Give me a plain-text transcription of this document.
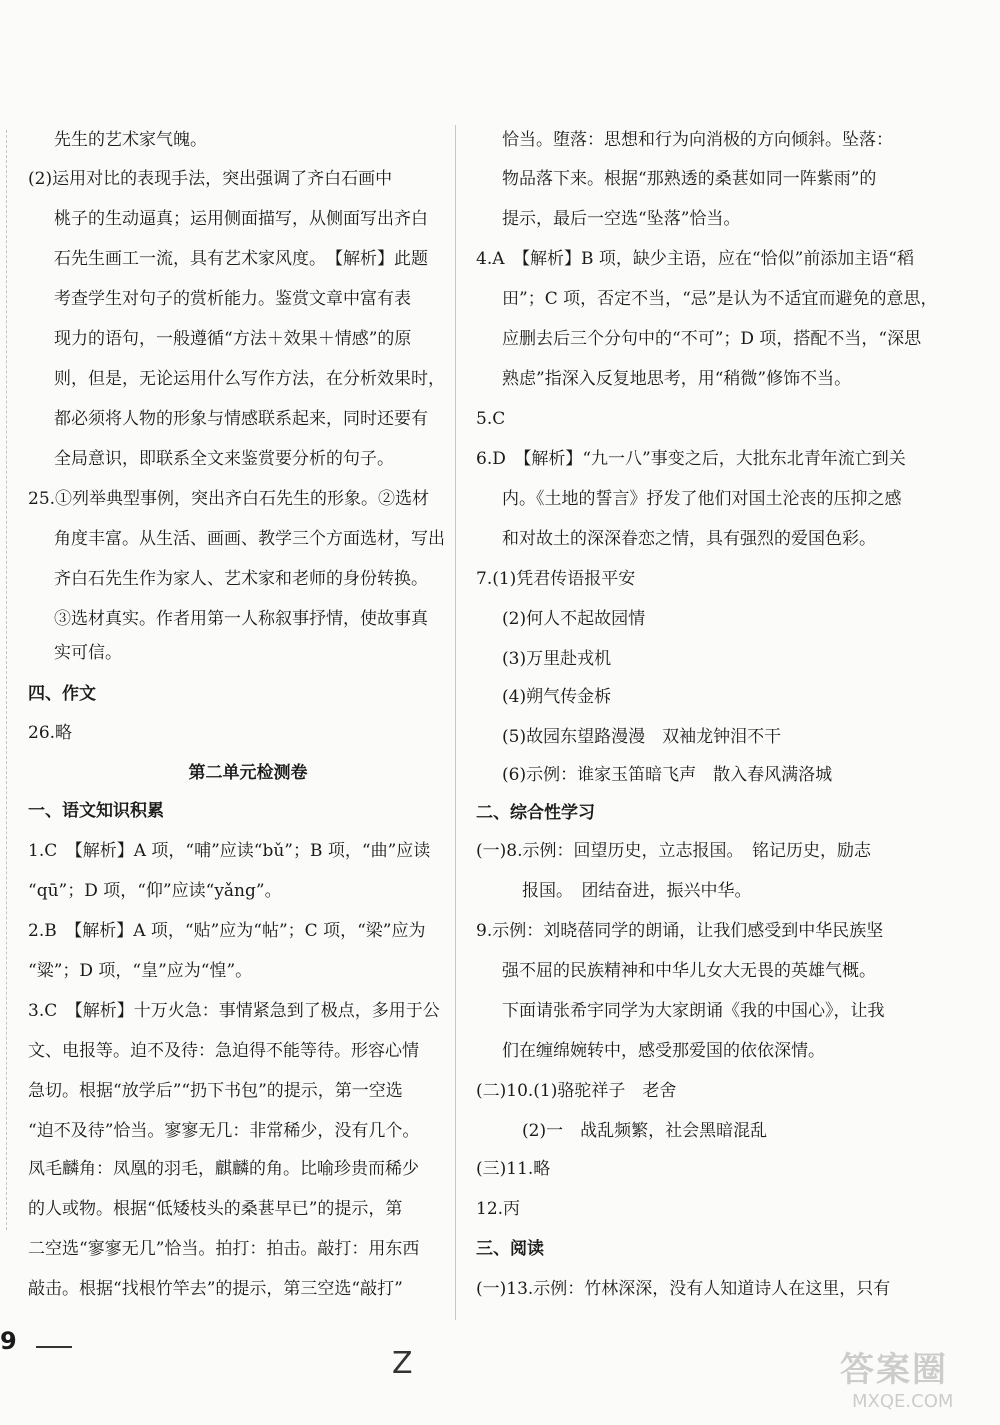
先生的艺术家气魄。
(2)运用对比的表现手法，突出强调了齐白石画中
桃子的生动逼真；运用侧面描写，从侧面写出齐白
石先生画工一流，具有艺术家风度。　【解析】此题
考查学生对句子的赏析能力。鉴赏文章中富有表
现力的语句，一般遵循“方法＋效果＋情感”的原
则，但是，无论运用什么写作方法，在分析效果时，
都必须将人物的形象与情感联系起来，同时还要有
全局意识，即联系全文来鉴赏要分析的句子。
25.①列举典型事例，突出齐白石先生的形象。②选材
角度丰富。从生活、画画、教学三个方面选材，写出
齐白石先生作为家人、艺术家和老师的身份转换。
③选材真实。作者用第一人称叙事抒情，使故事真
实可信。
四、作文
26.略
第二单元检测卷
一、语文知识积累
1.C　【解析】A 项，“哺”应读“bǔ”；B 项，“曲”应读
“qū”；D 项，“仰”应读“yǎng”。
2.B　【解析】A 项，“贴”应为“帖”；C 项，“梁”应为
“粱”；D 项，“皇”应为“惶”。
3.C　【解析】十万火急：事情紧急到了极点，多用于公
文、电报等。迫不及待：急迫得不能等待。形容心情
急切。根据“放学后”“扔下书包”的提示，第一空选
“迫不及待”恰当。寥寥无几：非常稀少，没有几个。
凤毛麟角：凤凰的羽毛，麒麟的角。比喻珍贵而稀少
的人或物。根据“低矮枝头的桑葚早已”的提示，第
二空选“寥寥无几”恰当。拍打：拍击。敲打：用东西
敲击。根据“找根竹竿去”的提示，第三空选“敲打”
恰当。堕落：思想和行为向消极的方向倾斜。坠落：
物品落下来。根据“那熟透的桑葚如同一阵紫雨”的
提示，最后一空选“坠落”恰当。
4.A　【解析】B 项，缺少主语，应在“恰似”前添加主语“稻
田”；C 项，否定不当，“忌”是认为不适宜而避免的意思，
应删去后三个分句中的“不可”；D 项，搭配不当，“深思
熟虑”指深入反复地思考，用“稍微”修饰不当。
5.C
6.D　【解析】“九一八”事变之后，大批东北青年流亡到关
内。《土地的誓言》抒发了他们对国土沦丧的压抑之感
和对故土的深深眷恋之情，具有强烈的爱国色彩。
7.(1)凭君传语报平安
(2)何人不起故园情
(3)万里赴戎机
(4)朔气传金柝
(5)故园东望路漫漫　双袖龙钟泪不干
(6)示例：谁家玉笛暗飞声　散入春风满洛城
二、综合性学习
(一)8.示例：回望历史，立志报国。　铭记历史，励志
报国。　团结奋进，振兴中华。
9.示例：刘晓蓓同学的朗诵，让我们感受到中华民族坚
强不屈的民族精神和中华儿女大无畏的英雄气概。
下面请张希宇同学为大家朗诵《我的中国心》，让我
们在缠绵婉转中，感受那爱国的依依深情。
(二)10.(1)骆驼祥子　老舍
(2)一　战乱频繁，社会黑暗混乱
(三)11.略
12.丙
三、阅读
(一)13.示例：竹林深深，没有人知道诗人在这里，只有
9
Z	答案圈
MXQE.COM
